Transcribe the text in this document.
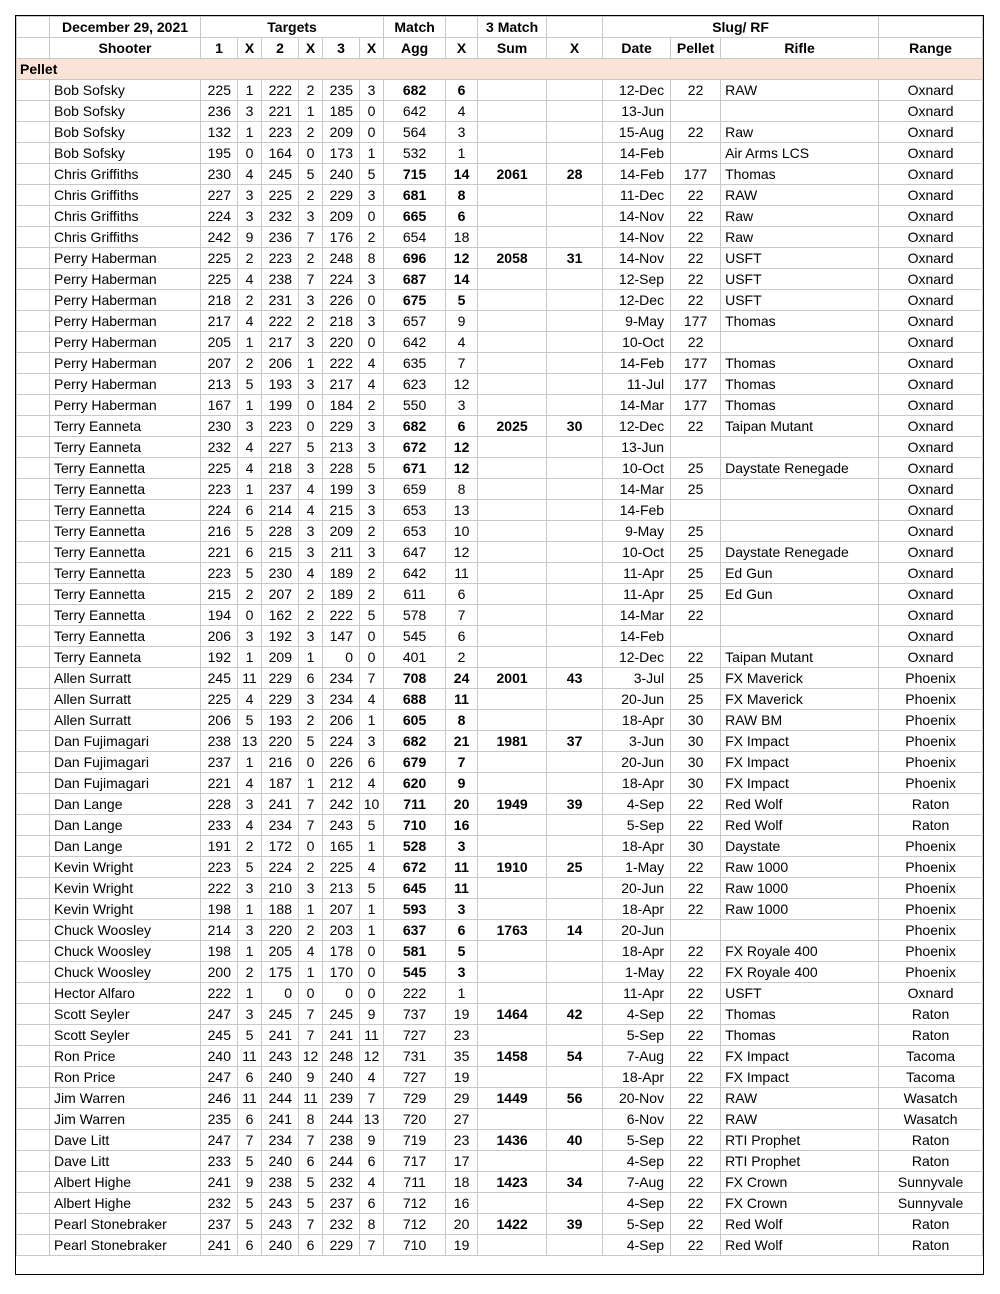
	December 29, 2021	Targets						Match		3 Match		Slug/ RF			
	Shooter	1	X	2	X	3	X	Agg	X	Sum	X	Date	Pellet	Rifle	Range
Pellet															
	Bob Sofsky	225	1	222	2	235	3	682	6			12-Dec	22	RAW	Oxnard
	Bob Sofsky	236	3	221	1	185	0	642	4			13-Jun			Oxnard
	Bob Sofsky	132	1	223	2	209	0	564	3			15-Aug	22	Raw	Oxnard
	Bob Sofsky	195	0	164	0	173	1	532	1			14-Feb		Air Arms LCS	Oxnard
	Chris Griffiths	230	4	245	5	240	5	715	14	2061	28	14-Feb	177	Thomas	Oxnard
	Chris Griffiths	227	3	225	2	229	3	681	8			11-Dec	22	RAW	Oxnard
	Chris Griffiths	224	3	232	3	209	0	665	6			14-Nov	22	Raw	Oxnard
	Chris Griffiths	242	9	236	7	176	2	654	18			14-Nov	22	Raw	Oxnard
	Perry Haberman	225	2	223	2	248	8	696	12	2058	31	14-Nov	22	USFT	Oxnard
	Perry Haberman	225	4	238	7	224	3	687	14			12-Sep	22	USFT	Oxnard
	Perry Haberman	218	2	231	3	226	0	675	5			12-Dec	22	USFT	Oxnard
	Perry Haberman	217	4	222	2	218	3	657	9			9-May	177	Thomas	Oxnard
	Perry Haberman	205	1	217	3	220	0	642	4			10-Oct	22		Oxnard
	Perry Haberman	207	2	206	1	222	4	635	7			14-Feb	177	Thomas	Oxnard
	Perry Haberman	213	5	193	3	217	4	623	12			11-Jul	177	Thomas	Oxnard
	Perry Haberman	167	1	199	0	184	2	550	3			14-Mar	177	Thomas	Oxnard
	Terry Eanneta	230	3	223	0	229	3	682	6	2025	30	12-Dec	22	Taipan Mutant	Oxnard
	Terry Eanneta	232	4	227	5	213	3	672	12			13-Jun			Oxnard
	Terry Eannetta	225	4	218	3	228	5	671	12			10-Oct	25	Daystate Renegade	Oxnard
	Terry Eannetta	223	1	237	4	199	3	659	8			14-Mar	25		Oxnard
	Terry Eannetta	224	6	214	4	215	3	653	13			14-Feb			Oxnard
	Terry Eannetta	216	5	228	3	209	2	653	10			9-May	25		Oxnard
	Terry Eannetta	221	6	215	3	211	3	647	12			10-Oct	25	Daystate Renegade	Oxnard
	Terry Eannetta	223	5	230	4	189	2	642	11			11-Apr	25	Ed Gun	Oxnard
	Terry Eannetta	215	2	207	2	189	2	611	6			11-Apr	25	Ed Gun	Oxnard
	Terry Eannetta	194	0	162	2	222	5	578	7			14-Mar	22		Oxnard
	Terry Eannetta	206	3	192	3	147	0	545	6			14-Feb			Oxnard
	Terry Eanneta	192	1	209	1	0	0	401	2			12-Dec	22	Taipan Mutant	Oxnard
	Allen Surratt	245	11	229	6	234	7	708	24	2001	43	3-Jul	25	FX Maverick	Phoenix
	Allen Surratt	225	4	229	3	234	4	688	11			20-Jun	25	FX Maverick	Phoenix
	Allen Surratt	206	5	193	2	206	1	605	8			18-Apr	30	RAW BM	Phoenix
	Dan Fujimagari	238	13	220	5	224	3	682	21	1981	37	3-Jun	30	FX Impact	Phoenix
	Dan Fujimagari	237	1	216	0	226	6	679	7			20-Jun	30	FX Impact	Phoenix
	Dan Fujimagari	221	4	187	1	212	4	620	9			18-Apr	30	FX Impact	Phoenix
	Dan Lange	228	3	241	7	242	10	711	20	1949	39	4-Sep	22	Red Wolf	Raton
	Dan Lange	233	4	234	7	243	5	710	16			5-Sep	22	Red Wolf	Raton
	Dan Lange	191	2	172	0	165	1	528	3			18-Apr	30	Daystate	Phoenix
	Kevin Wright	223	5	224	2	225	4	672	11	1910	25	1-May	22	Raw 1000	Phoenix
	Kevin Wright	222	3	210	3	213	5	645	11			20-Jun	22	Raw 1000	Phoenix
	Kevin Wright	198	1	188	1	207	1	593	3			18-Apr	22	Raw 1000	Phoenix
	Chuck Woosley	214	3	220	2	203	1	637	6	1763	14	20-Jun			Phoenix
	Chuck Woosley	198	1	205	4	178	0	581	5			18-Apr	22	FX Royale 400	Phoenix
	Chuck Woosley	200	2	175	1	170	0	545	3			1-May	22	FX Royale 400	Phoenix
	Hector Alfaro	222	1	0	0	0	0	222	1			11-Apr	22	USFT	Oxnard
	Scott Seyler	247	3	245	7	245	9	737	19	1464	42	4-Sep	22	Thomas	Raton
	Scott Seyler	245	5	241	7	241	11	727	23			5-Sep	22	Thomas	Raton
	Ron Price	240	11	243	12	248	12	731	35	1458	54	7-Aug	22	FX Impact	Tacoma
	Ron Price	247	6	240	9	240	4	727	19			18-Apr	22	FX Impact	Tacoma
	Jim Warren	246	11	244	11	239	7	729	29	1449	56	20-Nov	22	RAW	Wasatch
	Jim Warren	235	6	241	8	244	13	720	27			6-Nov	22	RAW	Wasatch
	Dave Litt	247	7	234	7	238	9	719	23	1436	40	5-Sep	22	RTI Prophet	Raton
	Dave Litt	233	5	240	6	244	6	717	17			4-Sep	22	RTI Prophet	Raton
	Albert Highe	241	9	238	5	232	4	711	18	1423	34	7-Aug	22	FX Crown	Sunnyvale
	Albert Highe	232	5	243	5	237	6	712	16			4-Sep	22	FX Crown	Sunnyvale
	Pearl Stonebraker	237	5	243	7	232	8	712	20	1422	39	5-Sep	22	Red Wolf	Raton
	Pearl Stonebraker	241	6	240	6	229	7	710	19			4-Sep	22	Red Wolf	Raton
